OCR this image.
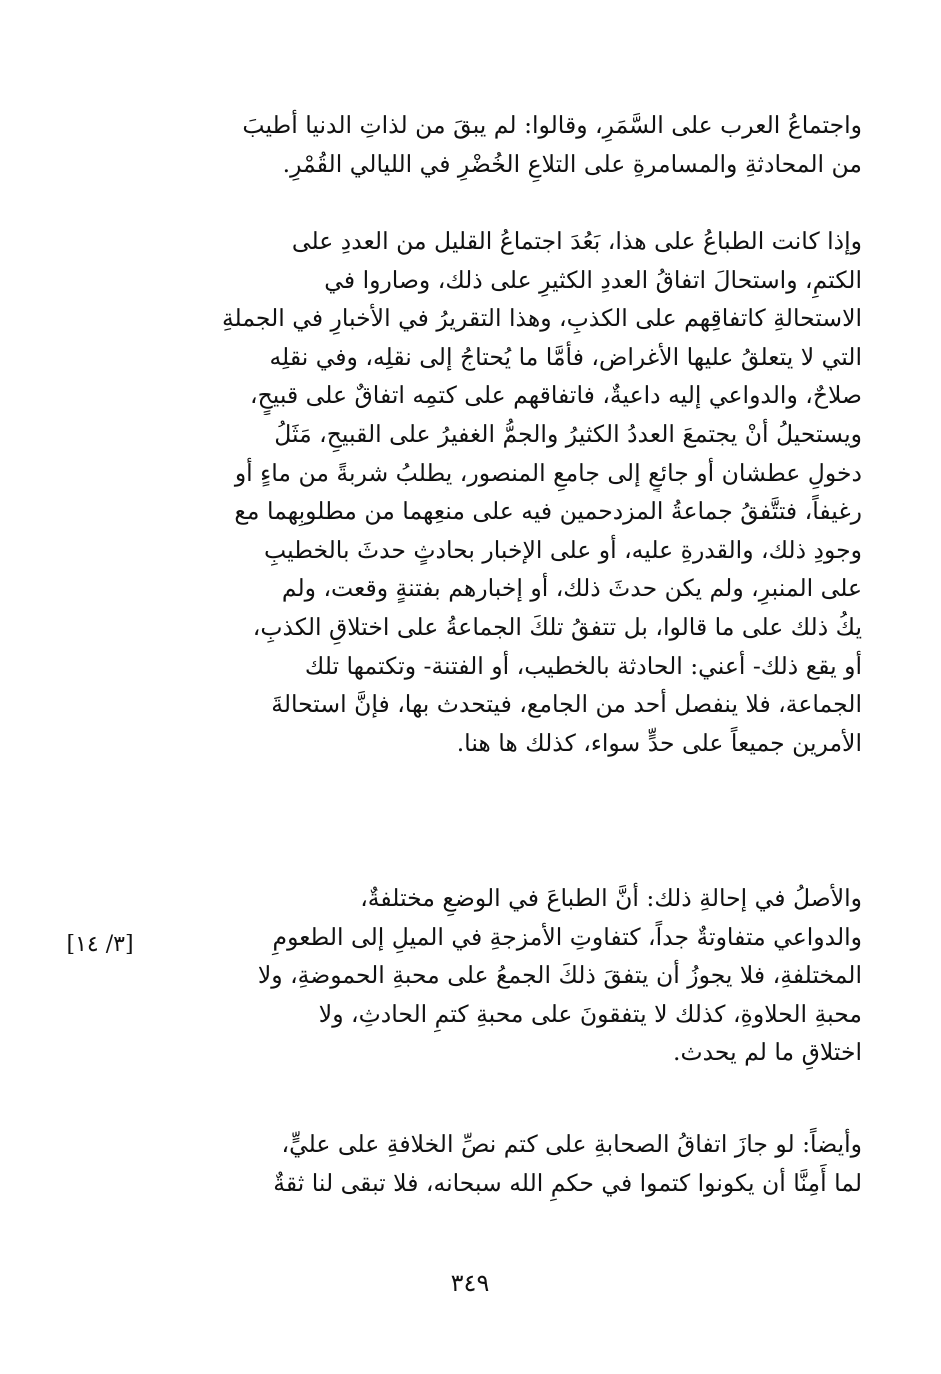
واجتماعُ العرب على السَّمَرِ، وقالوا: لم يبقَ من لذاتِ الدنيا أطيبَ
من المحادثةِ والمسامرةِ على التلاعِ الخُضْرِ في الليالي القُمْرِ.
وإذا كانت الطباعُ على هذا، بَعُدَ اجتماعُ القليل من العددِ على
الكتمِ، واستحالَ اتفاقُ العددِ الكثيرِ على ذلك، وصاروا في
الاستحالةِ كاتفاقِهم على الكذبِ، وهذا التقريرُ في الأخبارِ في الجملةِ
التي لا يتعلقُ عليها الأغراض، فأمَّا ما يُحتاجُ إلى نقلِه، وفي نقلِه
صلاحٌ، والدواعي إليه داعيةٌ، فاتفاقهم على كتمِه اتفاقٌ على قبيحٍ،
ويستحيلُ أنْ يجتمعَ العددُ الكثيرُ والجمُّ الغفيرُ على القبيحِ، مَثَلُ
دخولِ عطشان أو جائعٍ إلى جامعِ المنصور، يطلبُ شربةً من ماءٍ أو
رغيفاً، فتتَّفقُ جماعةُ المزدحمين فيه على منعِهما من مطلوبِهما مع
وجودِ ذلك، والقدرةِ عليه، أو على الإخبار بحادثٍ حدثَ بالخطيبِ
على المنبرِ، ولم يكن حدثَ ذلك، أو إخبارهم بفتنةٍ وقعت، ولم
يكُ ذلك على ما قالوا، بل تتفقُ تلكَ الجماعةُ على اختلاقِ الكذبِ،
أو يقع ذلك- أعني: الحادثة بالخطيب، أو الفتنة- وتكتمها تلك
الجماعة، فلا ينفصل أحد من الجامع، فيتحدث بها، فإنَّ استحالةَ
الأمرين جميعاً على حدٍّ سواء، كذلك ها هنا.
والأصلُ في إحالةِ ذلك: أنَّ الطباعَ في الوضعِ مختلفةٌ،
والدواعي متفاوتةٌ جداً، كتفاوتِ الأمزجةِ في الميلِ إلى الطعومِ
المختلفةِ، فلا يجوزُ أن يتفقَ ذلكَ الجمعُ على محبةِ الحموضةِ، ولا
محبةِ الحلاوةِ، كذلك لا يتفقونَ على محبةِ كتمِ الحادثِ، ولا
اختلاقِ ما لم يحدث.
[٣/ ١٤]
وأيضاً: لو جازَ اتفاقُ الصحابةِ على كتم نصِّ الخلافةِ على عليٍّ،
لما أَمِنَّا أن يكونوا كتموا في حكمِ الله سبحانه، فلا تبقى لنا ثقةٌ
٣٤٩
